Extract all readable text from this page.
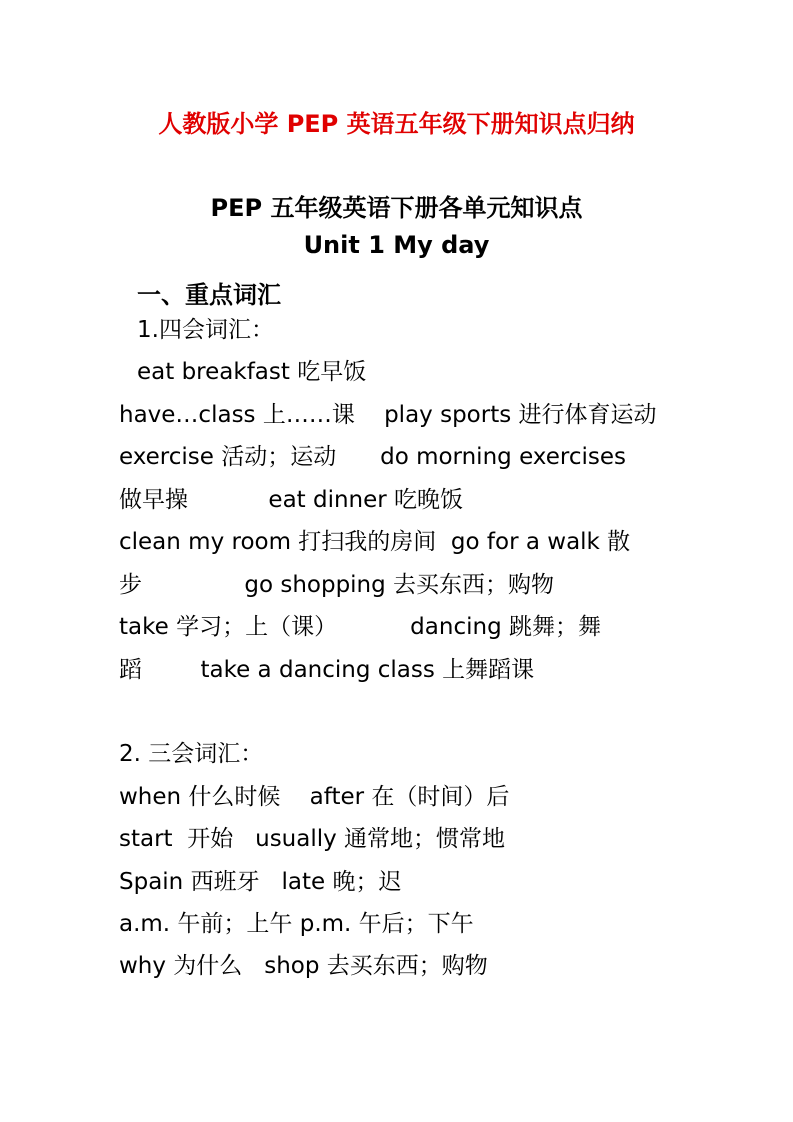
人教版小学 PEP 英语五年级下册知识点归纳
PEP 五年级英语下册各单元知识点
Unit 1 My day
一、重点词汇
1.四会词汇：
eat breakfast 吃早饭
have…class 上……课    play sports 进行体育运动
exercise 活动；运动      do morning exercises
做早操           eat dinner 吃晚饭
clean my room 打扫我的房间  go for a walk 散
步              go shopping 去买东西；购物
take 学习；上（课）          dancing 跳舞；舞
蹈        take a dancing class 上舞蹈课
2. 三会词汇：
when 什么时候    after 在（时间）后
start  开始   usually 通常地；惯常地
Spain 西班牙   late 晚；迟
a.m. 午前；上午 p.m. 午后；下午
why 为什么   shop 去买东西；购物
